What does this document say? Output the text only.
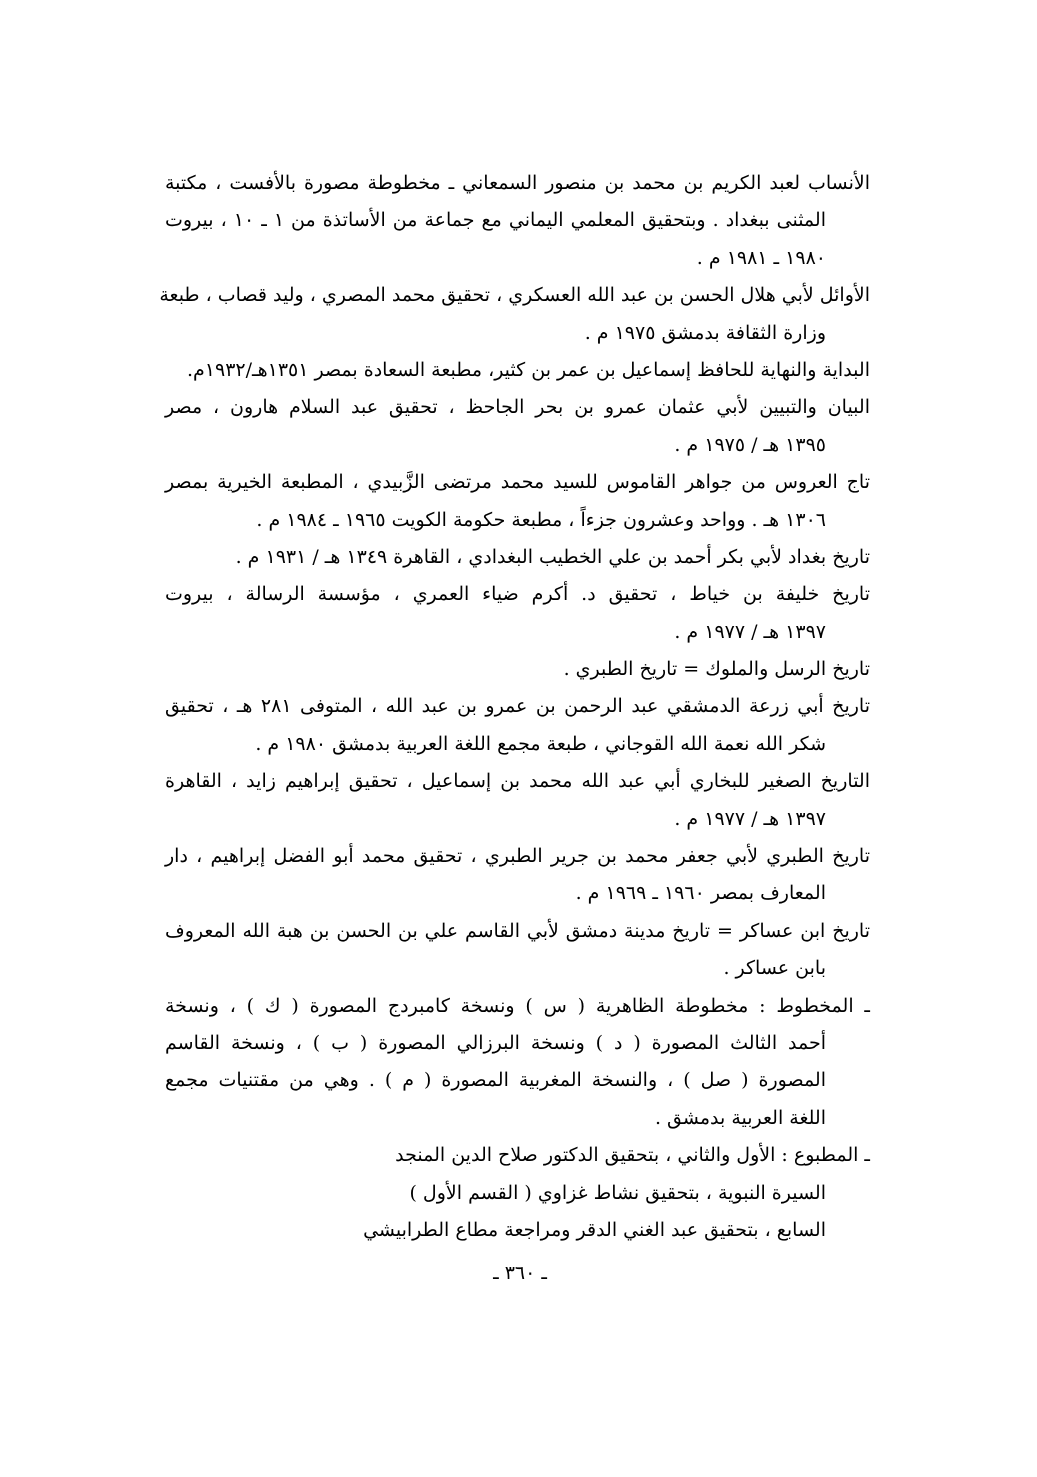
الأنساب لعبد الكريم بن محمد بن منصور السمعاني ـ مخطوطة مصورة بالأفست ، مكتبة
المثنى ببغداد . وبتحقيق المعلمي اليماني مع جماعة من الأساتذة من ١ ـ ١٠ ، بيروت
١٩٨٠ ـ ١٩٨١ م .
الأوائل لأبي هلال الحسن بن عبد الله العسكري ، تحقيق محمد المصري ، وليد قصاب ، طبعة
وزارة الثقافة بدمشق ١٩٧٥ م .
البداية والنهاية للحافظ إسماعيل بن عمر بن كثير، مطبعة السعادة بمصر ١٣٥١هـ/١٩٣٢م.
البيان والتبيين لأبي عثمان عمرو بن بحر الجاحظ ، تحقيق عبد السلام هارون ، مصر
١٣٩٥ هـ / ١٩٧٥ م .
تاج العروس من جواهر القاموس للسيد محمد مرتضى الزَّبيدي ، المطبعة الخيرية بمصر
١٣٠٦ هـ . وواحد وعشرون جزءاً ، مطبعة حكومة الكويت ١٩٦٥ ـ ١٩٨٤ م .
تاريخ بغداد لأبي بكر أحمد بن علي الخطيب البغدادي ، القاهرة ١٣٤٩ هـ / ١٩٣١ م .
تاريخ خليفة بن خياط ، تحقيق د. أكرم ضياء العمري ، مؤسسة الرسالة ، بيروت
١٣٩٧ هـ / ١٩٧٧ م .
تاريخ الرسل والملوك = تاريخ الطبري .
تاريخ أبي زرعة الدمشقي عبد الرحمن بن عمرو بن عبد الله ، المتوفى ٢٨١ هـ ، تحقيق
شكر الله نعمة الله القوجاني ، طبعة مجمع اللغة العربية بدمشق ١٩٨٠ م .
التاريخ الصغير للبخاري أبي عبد الله محمد بن إسماعيل ، تحقيق إبراهيم زايد ، القاهرة
١٣٩٧ هـ / ١٩٧٧ م .
تاريخ الطبري لأبي جعفر محمد بن جرير الطبري ، تحقيق محمد أبو الفضل إبراهيم ، دار
المعارف بمصر ١٩٦٠ ـ ١٩٦٩ م .
تاريخ ابن عساكر = تاريخ مدينة دمشق لأبي القاسم علي بن الحسن بن هبة الله المعروف
بابن عساكر .
ـ المخطوط : مخطوطة الظاهرية ( س ) ونسخة كامبردج المصورة ( ك ) ، ونسخة
أحمد الثالث المصورة ( د ) ونسخة البرزالي المصورة ( ب ) ، ونسخة القاسم
المصورة ( صل ) ، والنسخة المغربية المصورة ( م ) . وهي من مقتنيات مجمع
اللغة العربية بدمشق .
ـ المطبوع : الأول والثاني ، بتحقيق الدكتور صلاح الدين المنجد
السيرة النبوية ، بتحقيق نشاط غزاوي ( القسم الأول )
السابع ، بتحقيق عبد الغني الدقر ومراجعة مطاع الطرابيشي
ـ ٣٦٠ ـ
